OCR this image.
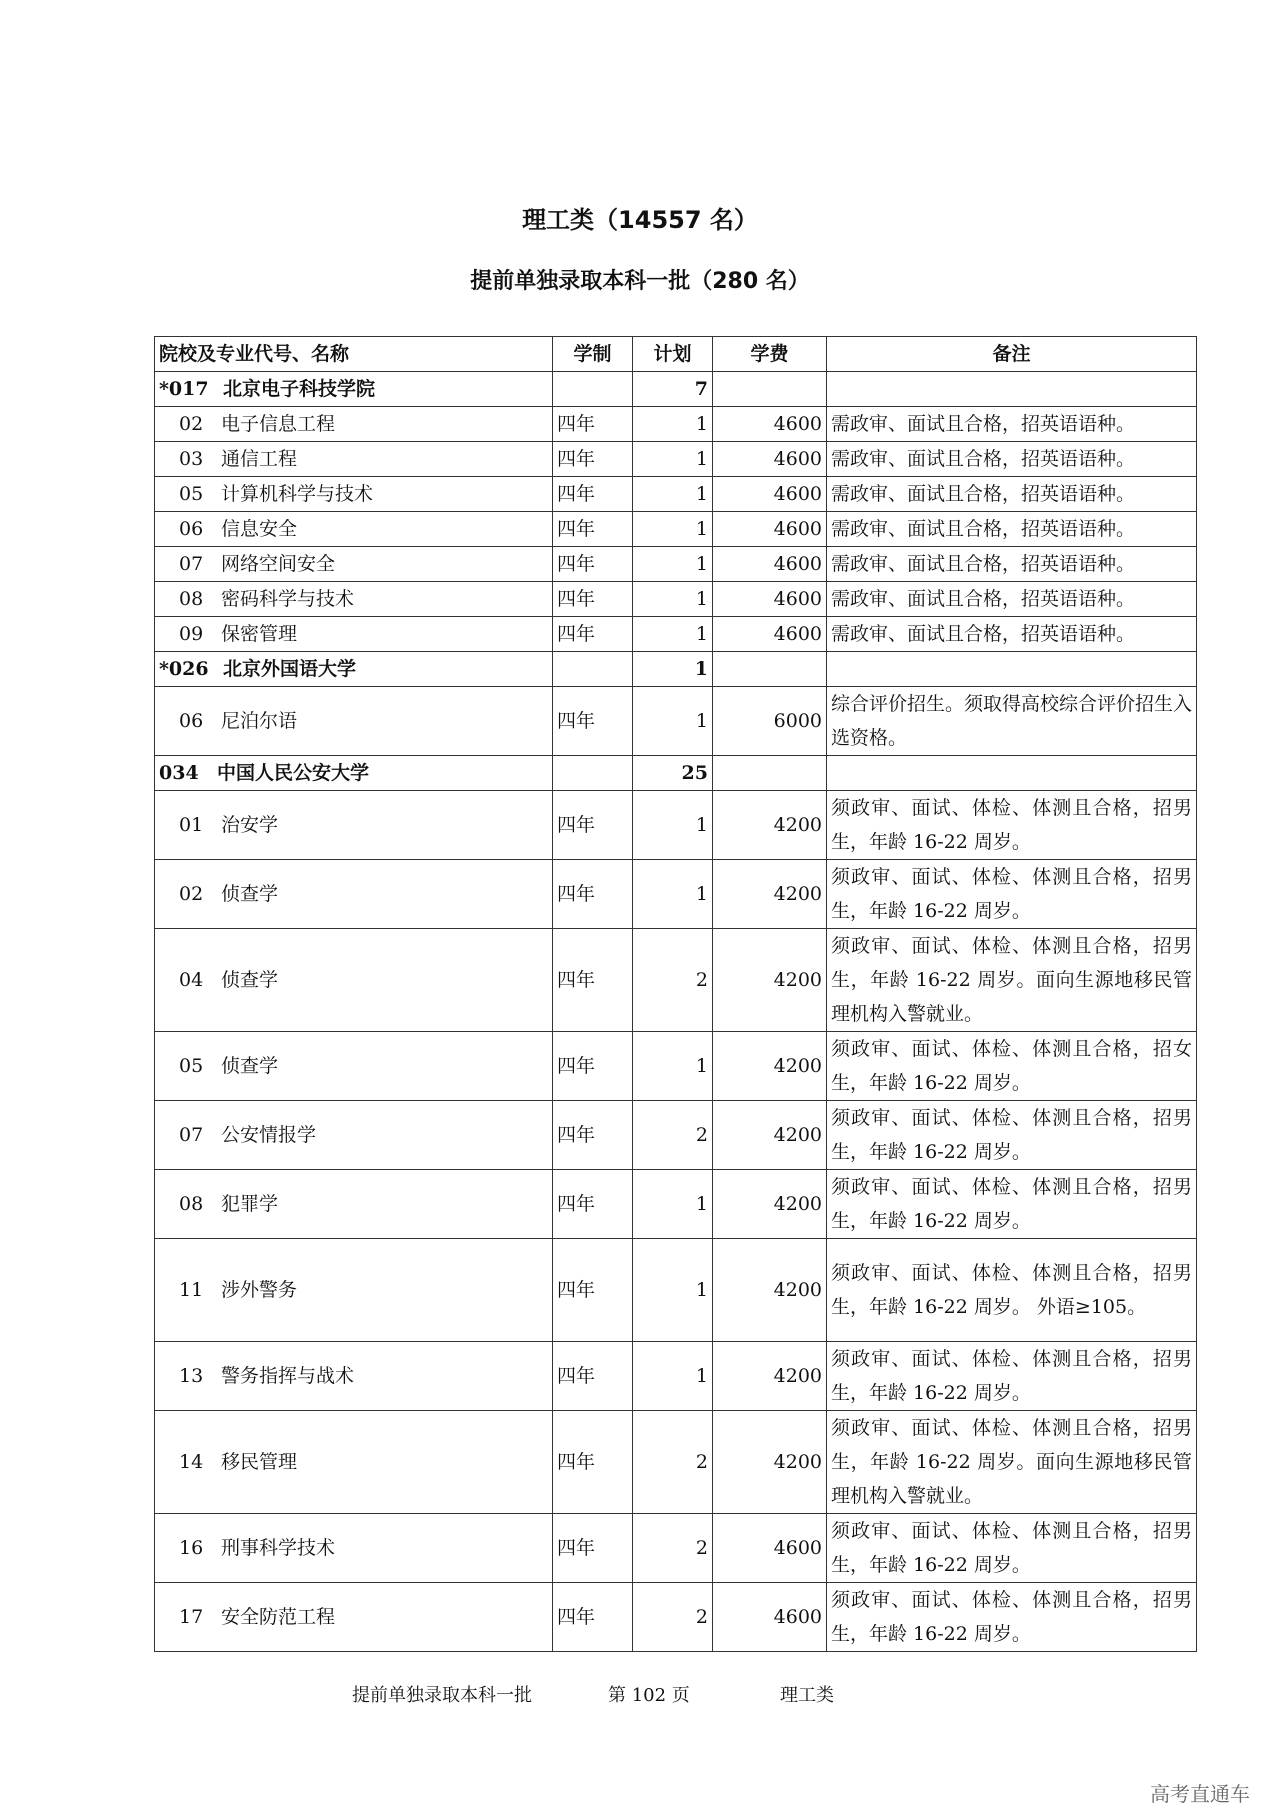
理工类（14557 名）
提前单独录取本科一批（280 名）
院校及专业代号、名称	学制	计划	学费	备注
*017 北京电子科技学院		7		
02 电子信息工程	四年	1	4600	需政审、面试且合格，招英语语种。
03 通信工程	四年	1	4600	需政审、面试且合格，招英语语种。
05 计算机科学与技术	四年	1	4600	需政审、面试且合格，招英语语种。
06 信息安全	四年	1	4600	需政审、面试且合格，招英语语种。
07 网络空间安全	四年	1	4600	需政审、面试且合格，招英语语种。
08 密码科学与技术	四年	1	4600	需政审、面试且合格，招英语语种。
09 保密管理	四年	1	4600	需政审、面试且合格，招英语语种。
*026 北京外国语大学		1		
06 尼泊尔语	四年	1	6000	综合评价招生。须取得高校综合评价招生入选资格。
034 中国人民公安大学		25		
01 治安学	四年	1	4200	须政审、面试、体检、体测且合格，招男生，年龄 16-22 周岁。
02 侦查学	四年	1	4200	须政审、面试、体检、体测且合格，招男生，年龄 16-22 周岁。
04 侦查学	四年	2	4200	须政审、面试、体检、体测且合格，招男生，年龄 16-22 周岁。面向生源地移民管理机构入警就业。
05 侦查学	四年	1	4200	须政审、面试、体检、体测且合格，招女生，年龄 16-22 周岁。
07 公安情报学	四年	2	4200	须政审、面试、体检、体测且合格，招男生，年龄 16-22 周岁。
08 犯罪学	四年	1	4200	须政审、面试、体检、体测且合格，招男生，年龄 16-22 周岁。
11 涉外警务	四年	1	4200	须政审、面试、体检、体测且合格，招男生，年龄 16-22 周岁。 外语≥105。
13 警务指挥与战术	四年	1	4200	须政审、面试、体检、体测且合格，招男生，年龄 16-22 周岁。
14 移民管理	四年	2	4200	须政审、面试、体检、体测且合格，招男生，年龄 16-22 周岁。面向生源地移民管理机构入警就业。
16 刑事科学技术	四年	2	4600	须政审、面试、体检、体测且合格，招男生，年龄 16-22 周岁。
17 安全防范工程	四年	2	4600	须政审、面试、体检、体测且合格，招男生，年龄 16-22 周岁。
提前单独录取本科一批	第 102 页	理工类
高考直通车
